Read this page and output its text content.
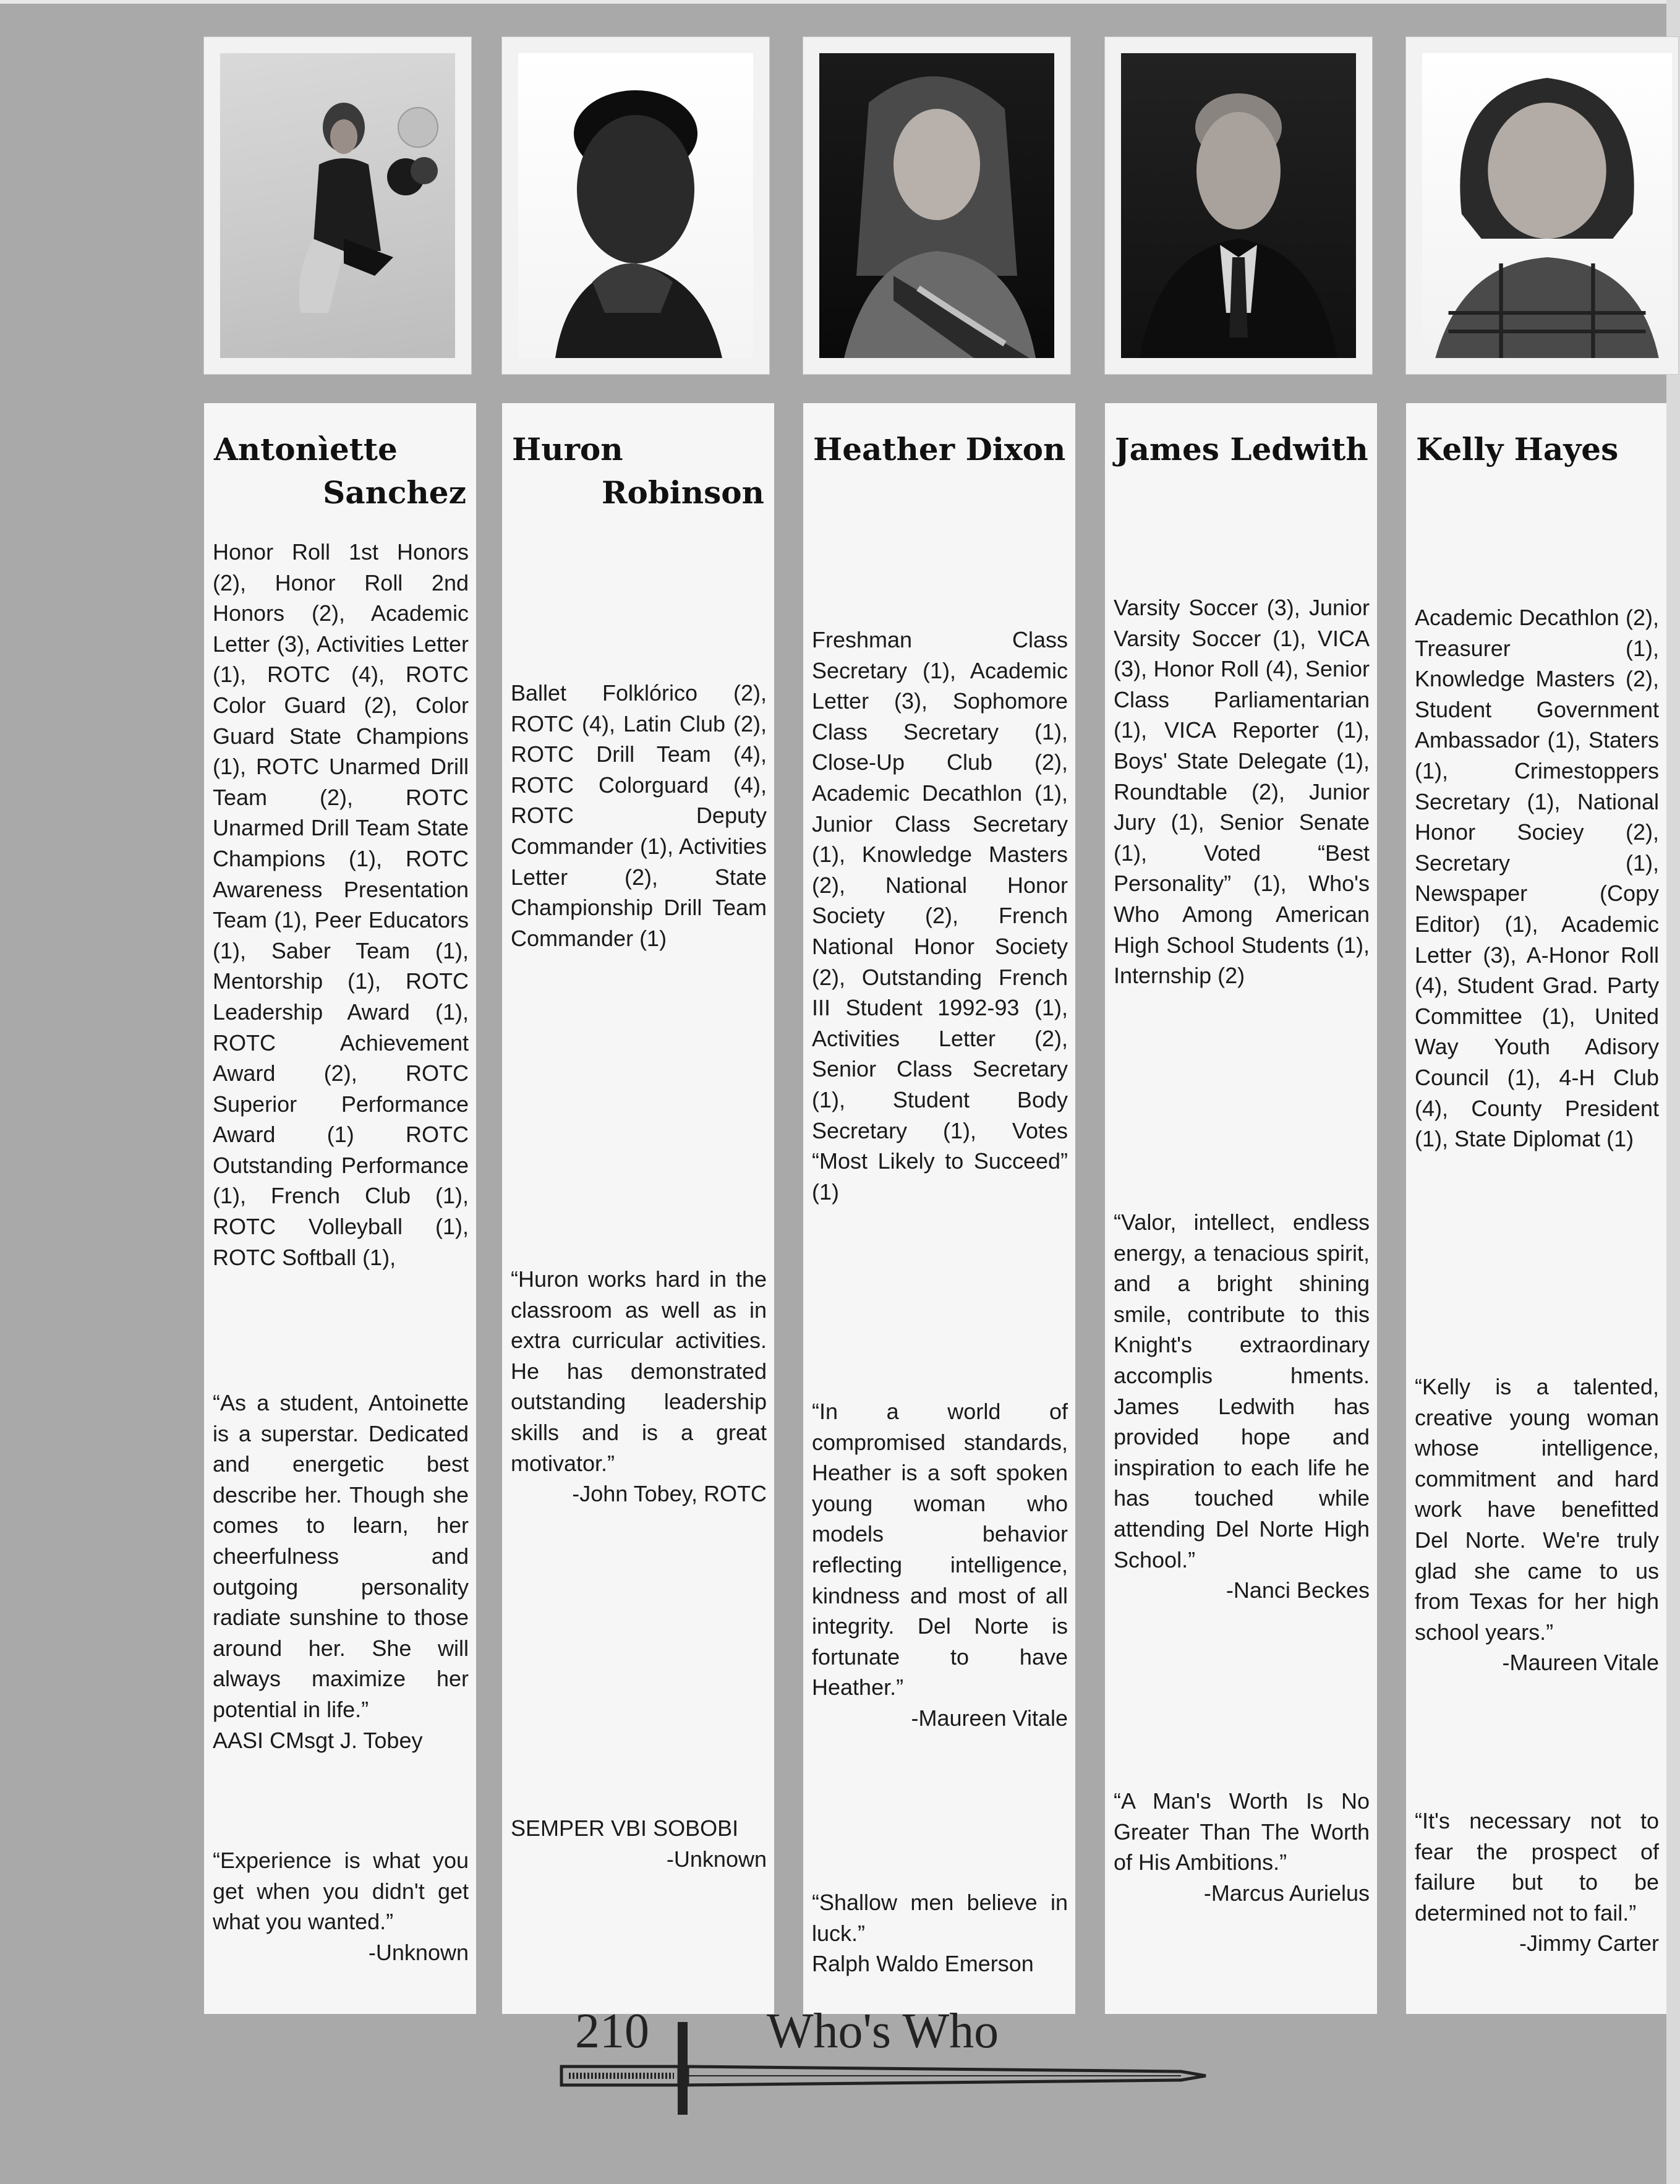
Antonìette
Sanchez
Honor Roll 1st Honors (2), Honor Roll 2nd Honors (2), Academic Letter (3), Activities Letter (1), ROTC (4), ROTC Color Guard (2), Color Guard State Champions (1), ROTC Unarmed Drill Team (2), ROTC Unarmed Drill Team State Champions (1), ROTC Awareness Presentation Team (1), Peer Educators (1), Saber Team (1), Mentorship (1), ROTC Leadership Award (1), ROTC Achievement Award (2), ROTC Superior Performance Award (1) ROTC Outstanding Performance (1), French Club (1), ROTC Volleyball (1), ROTC Softball (1),
“As a student, Antoinette is a superstar. Dedicated and energetic best describe her. Though she comes to learn, her cheerfulness and outgoing personality radiate sunshine to those around her. She will always maximize her potential in life.”
AASI CMsgt J. Tobey
“Experience is what you get when you didn't get what you wanted.”
-Unknown
Huron
Robinson
Ballet Folklórico (2), ROTC (4), Latin Club (2), ROTC Drill Team (4), ROTC Colorguard (4), ROTC Deputy Commander (1), Activities Letter (2), State Championship Drill Team Commander (1)
“Huron works hard in the classroom as well as in extra curricular activities. He has demonstrated outstanding leadership skills and is a great motivator.”
-John Tobey, ROTC
SEMPER VBI SOBOBI
-Unknown
Heather Dixon
Freshman Class Secretary (1), Academic Letter (3), Sophomore Class Secretary (1), Close-Up Club (2), Academic Decathlon (1), Junior Class Secretary (1), Knowledge Masters (2), National Honor Society (2), French National Honor Society (2), Outstanding French III Student 1992-93 (1), Activities Letter (2), Senior Class Secretary (1), Student Body Secretary (1), Votes “Most Likely to Succeed” (1)
“In a world of compromised standards, Heather is a soft spoken young woman who models behavior reflecting intelligence, kindness and most of all integrity. Del Norte is fortunate to have Heather.”
-Maureen Vitale
“Shallow men believe in luck.”
Ralph Waldo Emerson
James Ledwith
Varsity Soccer (3), Junior Varsity Soccer (1), VICA (3), Honor Roll (4), Senior Class Parliamentarian (1), VICA Reporter (1), Boys' State Delegate (1), Roundtable (2), Junior Jury (1), Senior Senate (1), Voted “Best Personality” (1), Who's Who Among American High School Students (1), Internship (2)
“Valor, intellect, endless energy, a tenacious spirit, and a bright shining smile, contribute to this Knight's extraordinary accomplis hments. James Ledwith has provided hope and inspiration to each life he has touched while attending Del Norte High School.”
-Nanci Beckes
“A Man's Worth Is No Greater Than The Worth of His Ambitions.”
-Marcus Aurielus
Kelly Hayes
Academic Decathlon (2), Treasurer (1), Knowledge Masters (2), Student Government Ambassador (1), Staters (1), Crimestoppers Secretary (1), National Honor Sociey (2), Secretary (1), Newspaper (Copy Editor) (1), Academic Letter (3), A-Honor Roll (4), Student Grad. Party Committee (1), United Way Youth Adisory Council (1), 4-H Club (4), County President (1), State Diplomat (1)
“Kelly is a talented, creative young woman whose intelligence, commitment and hard work have benefitted Del Norte. We're truly glad she came to us from Texas for her high school years.”
-Maureen Vitale
“It's necessary not to fear the prospect of failure but to be determined not to fail.”
-Jimmy Carter
210 Who's Who
